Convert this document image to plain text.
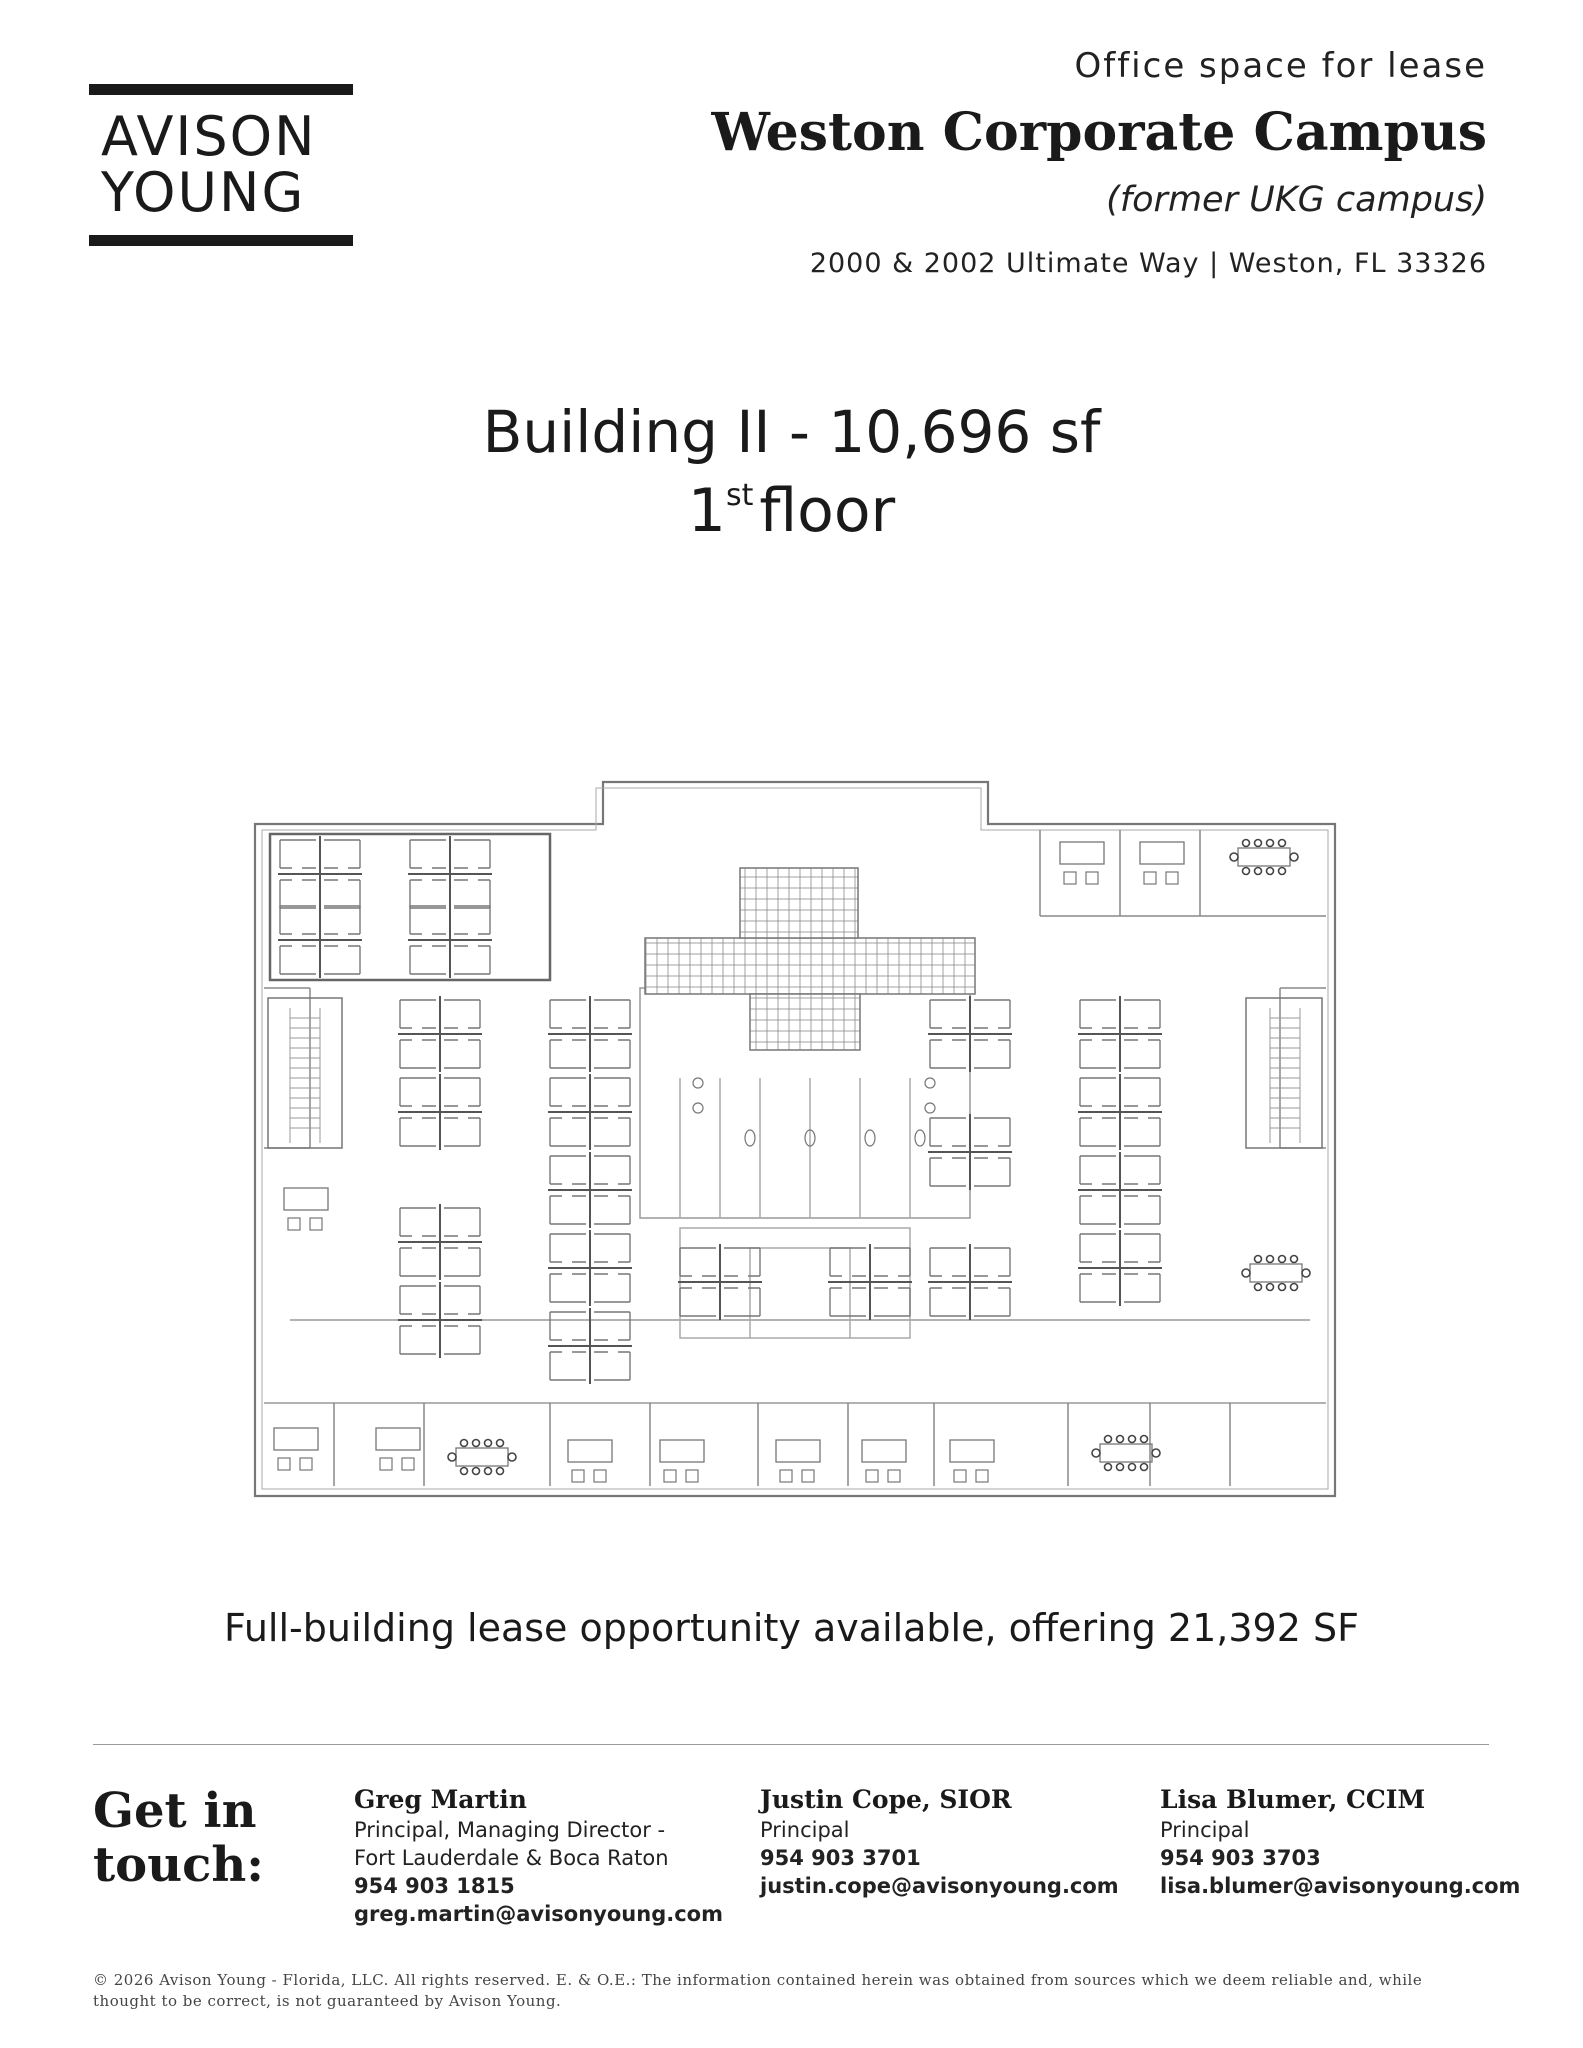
AVISON
YOUNG
Office space for lease
Weston Corporate Campus
(former UKG campus)
2000 & 2002 Ultimate Way | Weston, FL 33326
Building II - 10,696 sf
1st floor
Full-building lease opportunity available, offering 21,392 SF
Get in
touch:
Greg Martin
Principal, Managing Director -
Fort Lauderdale & Boca Raton
954 903 1815
greg.martin@avisonyoung.com
Justin Cope, SIOR
Principal
954 903 3701
justin.cope@avisonyoung.com
Lisa Blumer, CCIM
Principal
954 903 3703
lisa.blumer@avisonyoung.com
© 2026 Avison Young - Florida, LLC. All rights reserved. E. & O.E.: The information contained herein was obtained from sources which we deem reliable and, while
thought to be correct, is not guaranteed by Avison Young.
